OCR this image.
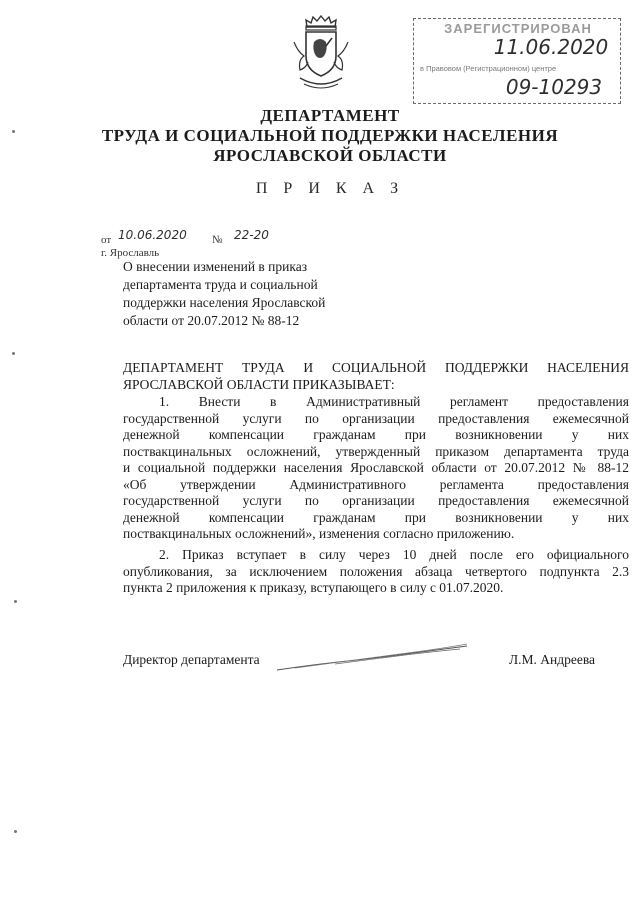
ЗАРЕГИСТРИРОВАН
11.06.2020
в Правовом (Регистрационном) центре
09-10293
ДЕПАРТАМЕНТ
ТРУДА И СОЦИАЛЬНОЙ ПОДДЕРЖКИ НАСЕЛЕНИЯ
ЯРОСЛАВСКОЙ ОБЛАСТИ
П Р И К А З
от 10.06.2020 № 22-20
г. Ярославль
О внесении изменений в приказ
департамента труда и социальной
поддержки населения Ярославской
области от 20.07.2012 № 88-12
ДЕПАРТАМЕНТ ТРУДА И СОЦИАЛЬНОЙ ПОДДЕРЖКИ НАСЕЛЕНИЯ
ЯРОСЛАВСКОЙ ОБЛАСТИ ПРИКАЗЫВАЕТ:
1. Внести в Административный регламент предоставления
государственной услуги по организации предоставления ежемесячной
денежной компенсации гражданам при возникновении у них
поствакцинальных осложнений, утвержденный приказом департамента труда
и социальной поддержки населения Ярославской области от 20.07.2012 № 88-12
«Об утверждении Административного регламента предоставления
государственной услуги по организации предоставления ежемесячной
денежной компенсации гражданам при возникновении у них
поствакцинальных осложнений», изменения согласно приложению.
2. Приказ вступает в силу через 10 дней после его официального
опубликования, за исключением положения абзаца четвертого подпункта 2.3
пункта 2 приложения к приказу, вступающего в силу с 01.07.2020.
Директор департамента	Л.М. Андреева
